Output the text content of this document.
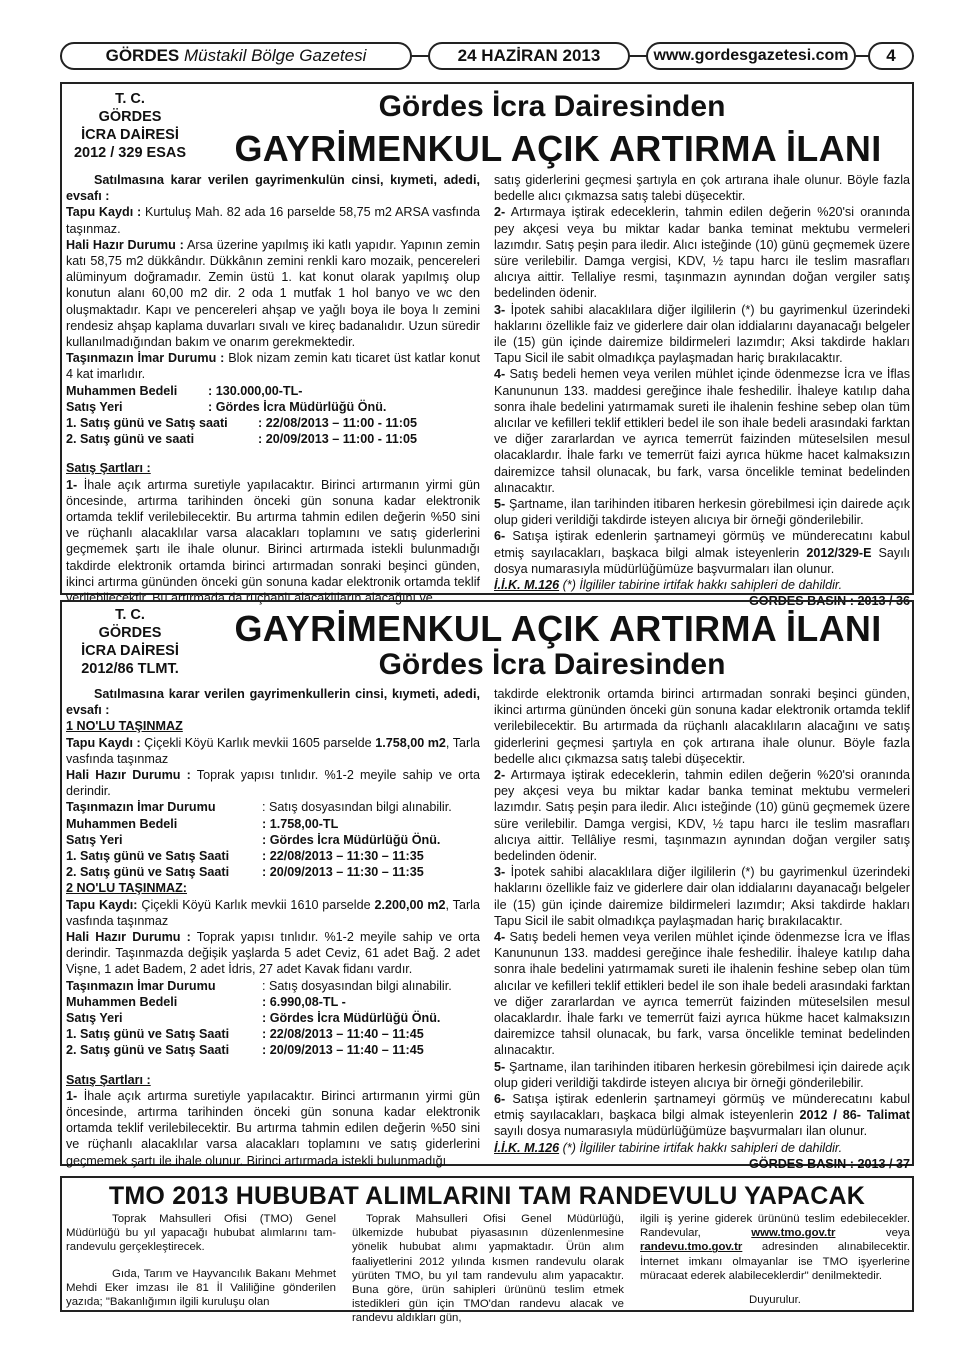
GÖRDES
Müstakil Bölge Gazetesi	24 HAZİRAN 2013	www.gordesgazetesi.com	4
T. C.
GÖRDES
İCRA DAİRESİ
2012 / 329 ESAS
Gördes İcra Dairesinden
GAYRİMENKUL AÇIK ARTIRMA İLANI

Satılmasına karar verilen gayrimenkulün cinsi, kıymeti, adedi, evsafı :

Tapu Kaydı : Kurtuluş Mah. 82 ada 16 parselde 58,75 m2 ARSA vasfında taşınmaz.

Hali Hazır Durumu : Arsa üzerine yapılmış iki katlı yapıdır. Yapının zemin katı 58,75 m2 dükkândır. Dükkânın zemini renkli karo mozaik, pencereleri alüminyum doğramadır. Zemin üstü 1. kat konut olarak yapılmış olup konutun alanı 60,00 m2 dir. 2 oda 1 mutfak 1 hol banyo ve wc den oluşmaktadır. Kapı ve pencereleri ahşap ve yağlı boya ile boya lı zemini rendesiz ahşap kaplama duvarları sıvalı ve kireç badanalıdır. Uzun süredir kullanılmadığından bakım ve onarım gerekmektedir.

Taşınmazın İmar Durumu : Blok nizam zemin katı ticaret üst katlar konut 4 kat imarlıdır.

Muhammen Bedeli	: 130.000,00-TL-
Satış Yeri	: Gördes İcra Müdürlüğü Önü.
1. Satış günü ve Satış saati	: 22/08/2013 – 11:00 - 11:05
2. Satış günü ve saati	: 20/09/2013 – 11:00 - 11:05

Satış Şartları :

1- İhale açık artırma suretiyle yapılacaktır. Birinci artırmanın yirmi gün öncesinde, artırma tarihinden önceki gün sonuna kadar elektronik ortamda teklif verilebilecektir. Bu artırma tahmin edilen değerin %50 sini ve rüçhanlı alacaklılar varsa alacakları toplamını ve satış giderlerini geçmemek şartı ile ihale olunur. Birinci artırmada istekli bulunmadığı takdirde elektronik ortamda birinci artırmadan sonraki beşinci günden, ikinci artırma gününden önceki gün sonuna kadar elektronik ortamda teklif verilebilecektir. Bu artırmada da rüçhanlı alacaklıların alacağını ve

satış giderlerini geçmesi şartıyla en çok artırana ihale olunur. Böyle fazla bedelle alıcı çıkmazsa satış talebi düşecektir.

2- Artırmaya iştirak edeceklerin, tahmin edilen değerin %20'si oranında pey akçesi veya bu miktar kadar banka teminat mektubu vermeleri lazımdır. Satış peşin para iledir. Alıcı isteğinde (10) günü geçmemek üzere süre verilebilir. Damga vergisi, KDV, ½ tapu harcı ile teslim masrafları alıcıya aittir. Tellaliye resmi, taşınmazın aynından doğan vergiler satış bedelinden ödenir.

3- İpotek sahibi alacaklılara diğer ilgililerin (*) bu gayrimenkul üzerindeki haklarını özellikle faiz ve giderlere dair olan iddialarını dayanacağı belgeler ile (15) gün içinde dairemize bildirmeleri lazımdır; Aksi takdirde hakları Tapu Sicil ile sabit olmadıkça paylaşmadan hariç bırakılacaktır.

4- Satış bedeli hemen veya verilen mühlet içinde ödenmezse İcra ve İflas Kanununun 133. maddesi gereğince ihale feshedilir. İhaleye katılıp daha sonra ihale bedelini yatırmamak sureti ile ihalenin feshine sebep olan tüm alıcılar ve kefilleri teklif ettikleri bedel ile son ihale bedeli arasındaki farktan ve diğer zararlardan ve ayrıca temerrüt faizinden müteselsilen mesul olacaklardır. İhale farkı ve temerrüt faizi ayrıca hükme hacet kalmaksızın dairemizce tahsil olunacak, bu fark, varsa öncelikle teminat bedelinden alınacaktır.

5- Şartname, ilan tarihinden itibaren herkesin görebilmesi için dairede açık olup gideri verildiği takdirde isteyen alıcıya bir örneği gönderilebilir.

6- Satışa iştirak edenlerin şartnameyi görmüş ve münderecatını kabul etmiş sayılacakları, başkaca bilgi almak isteyenlerin 2012/329-E Sayılı dosya numarasıyla müdürlüğümüze başvurmaları ilan olunur.

İ.İ.K. M.126 (*) İlgililer tabirine irtifak hakkı sahipleri de dahildir.

GÖRDES BASIN : 2013 / 36

T. C.
GÖRDES
İCRA DAİRESİ
2012/86 TLMT.
GAYRİMENKUL AÇIK ARTIRMA İLANI
Gördes İcra Dairesinden

Satılmasına karar verilen gayrimenkullerin cinsi, kıymeti, adedi, evsafı :

1 NO'LU TAŞINMAZ

Tapu Kaydı : Çiçekli Köyü Karlık mevkii 1605 parselde 1.758,00 m2, Tarla vasfında taşınmaz

Hali Hazır Durumu : Toprak yapısı tınlıdır. %1-2 meyile sahip ve orta derindir.

Taşınmazın İmar Durumu	: Satış dosyasından bilgi alınabilir.
Muhammen Bedeli	: 1.758,00-TL
Satış Yeri	: Gördes İcra Müdürlüğü Önü.
1. Satış günü ve Satış Saati	: 22/08/2013 – 11:30 – 11:35
2. Satış günü ve Satış Saati	: 20/09/2013 – 11:30 – 11:35

2 NO'LU TAŞINMAZ:

Tapu Kaydı: Çiçekli Köyü Karlık mevkii 1610 parselde 2.200,00 m2, Tarla vasfında taşınmaz

Hali Hazır Durumu : Toprak yapısı tınlıdır. %1-2 meyile sahip ve orta derindir. Taşınmazda değişik yaşlarda 5 adet Ceviz, 61 adet Bağ. 2 adet Vişne, 1 adet Badem, 2 adet İdris, 27 adet Kavak fidanı vardır.

Taşınmazın İmar Durumu	: Satış dosyasından bilgi alınabilir.
Muhammen Bedeli	: 6.990,08-TL -
Satış Yeri	: Gördes İcra Müdürlüğü Önü.
1. Satış günü ve Satış Saati	: 22/08/2013 – 11:40 – 11:45
2. Satış günü ve Satış Saati	: 20/09/2013 – 11:40 – 11:45

Satış Şartları :

1- İhale açık artırma suretiyle yapılacaktır. Birinci artırmanın yirmi gün öncesinde, artırma tarihinden önceki gün sonuna kadar elektronik ortamda teklif verilebilecektir. Bu artırma tahmin edilen değerin %50 sini ve rüçhanlı alacaklılar varsa alacakları toplamını ve satış giderlerini geçmemek şartı ile ihale olunur. Birinci artırmada istekli bulunmadığı

takdirde elektronik ortamda birinci artırmadan sonraki beşinci günden, ikinci artırma gününden önceki gün sonuna kadar elektronik ortamda teklif verilebilecektir. Bu artırmada da rüçhanlı alacaklıların alacağını ve satış giderlerini geçmesi şartıyla en çok artırana ihale olunur. Böyle fazla bedelle alıcı çıkmazsa satış talebi düşecektir.

2- Artırmaya iştirak edeceklerin, tahmin edilen değerin %20'si oranında pey akçesi veya bu miktar kadar banka teminat mektubu vermeleri lazımdır. Satış peşin para iledir. Alıcı isteğinde (10) günü geçmemek üzere süre verilebilir. Damga vergisi, KDV, ½ tapu harcı ile teslim masrafları alıcıya aittir. Tellâliye resmi, taşınmazın aynından doğan vergiler satış bedelinden ödenir.

3- İpotek sahibi alacaklılara diğer ilgililerin (*) bu gayrimenkul üzerindeki haklarını özellikle faiz ve giderlere dair olan iddialarını dayanacağı belgeler ile (15) gün içinde dairemize bildirmeleri lazımdır; Aksi takdirde hakları Tapu Sicil ile sabit olmadıkça paylaşmadan hariç bırakılacaktır.

4- Satış bedeli hemen veya verilen mühlet içinde ödenmezse İcra ve İflas Kanununun 133. maddesi gereğince ihale feshedilir. İhaleye katılıp daha sonra ihale bedelini yatırmamak sureti ile ihalenin feshine sebep olan tüm alıcılar ve kefilleri teklif ettikleri bedel ile son ihale bedeli arasındaki farktan ve diğer zararlardan ve ayrıca temerrüt faizinden müteselsilen mesul olacaklardır. İhale farkı ve temerrüt faizi ayrıca hükme hacet kalmaksızın dairemizce tahsil olunacak, bu fark, varsa öncelikle teminat bedelinden alınacaktır.

5- Şartname, ilan tarihinden itibaren herkesin görebilmesi için dairede açık olup gideri verildiği takdirde isteyen alıcıya bir örneği gönderilebilir.

6- Satışa iştirak edenlerin şartnameyi görmüş ve münderecatını kabul etmiş sayılacakları, başkaca bilgi almak isteyenlerin 2012 / 86- Talimat sayılı dosya numarasıyla müdürlüğümüze başvurmaları ilan olunur.

İ.İ.K. M.126 (*) İlgililer tabirine irtifak hakkı sahipleri de dahildir.

GÖRDES BASIN : 2013 / 37

TMO 2013 HUBUBAT ALIMLARINI TAM RANDEVULU YAPACAK

Toprak Mahsulleri Ofisi (TMO) Genel Müdürlüğü bu yıl yapacağı hububat alımlarını tam-randevulu gerçekleştirecek.

Gıda, Tarım ve Hayvancılık Bakanı Mehmet Mehdi Eker imzası ile 81 İl Valiliğine gönderilen yazıda; "Bakanlığımın ilgili kuruluşu olan

Toprak Mahsulleri Ofisi Genel Müdürlüğü, ülkemizde hububat piyasasının düzenlenmesine yönelik hububat alımı yapmaktadır. Ürün alım faaliyetlerini 2012 yılında kısmen randevulu olarak yürüten TMO, bu yıl tam randevulu alım yapacaktır. Buna göre, ürün sahipleri ürününü teslim etmek istedikleri gün için TMO'dan randevu alacak ve randevu aldıkları gün,

ilgili iş yerine giderek ürününü teslim edebilecekler. Randevular, www.tmo.gov.tr veya randevu.tmo.gov.tr adresinden alınabilecektir. İnternet imkanı olmayanlar ise TMO işyerlerine müracaat ederek alabileceklerdir" denilmektedir.

Duyurulur.
